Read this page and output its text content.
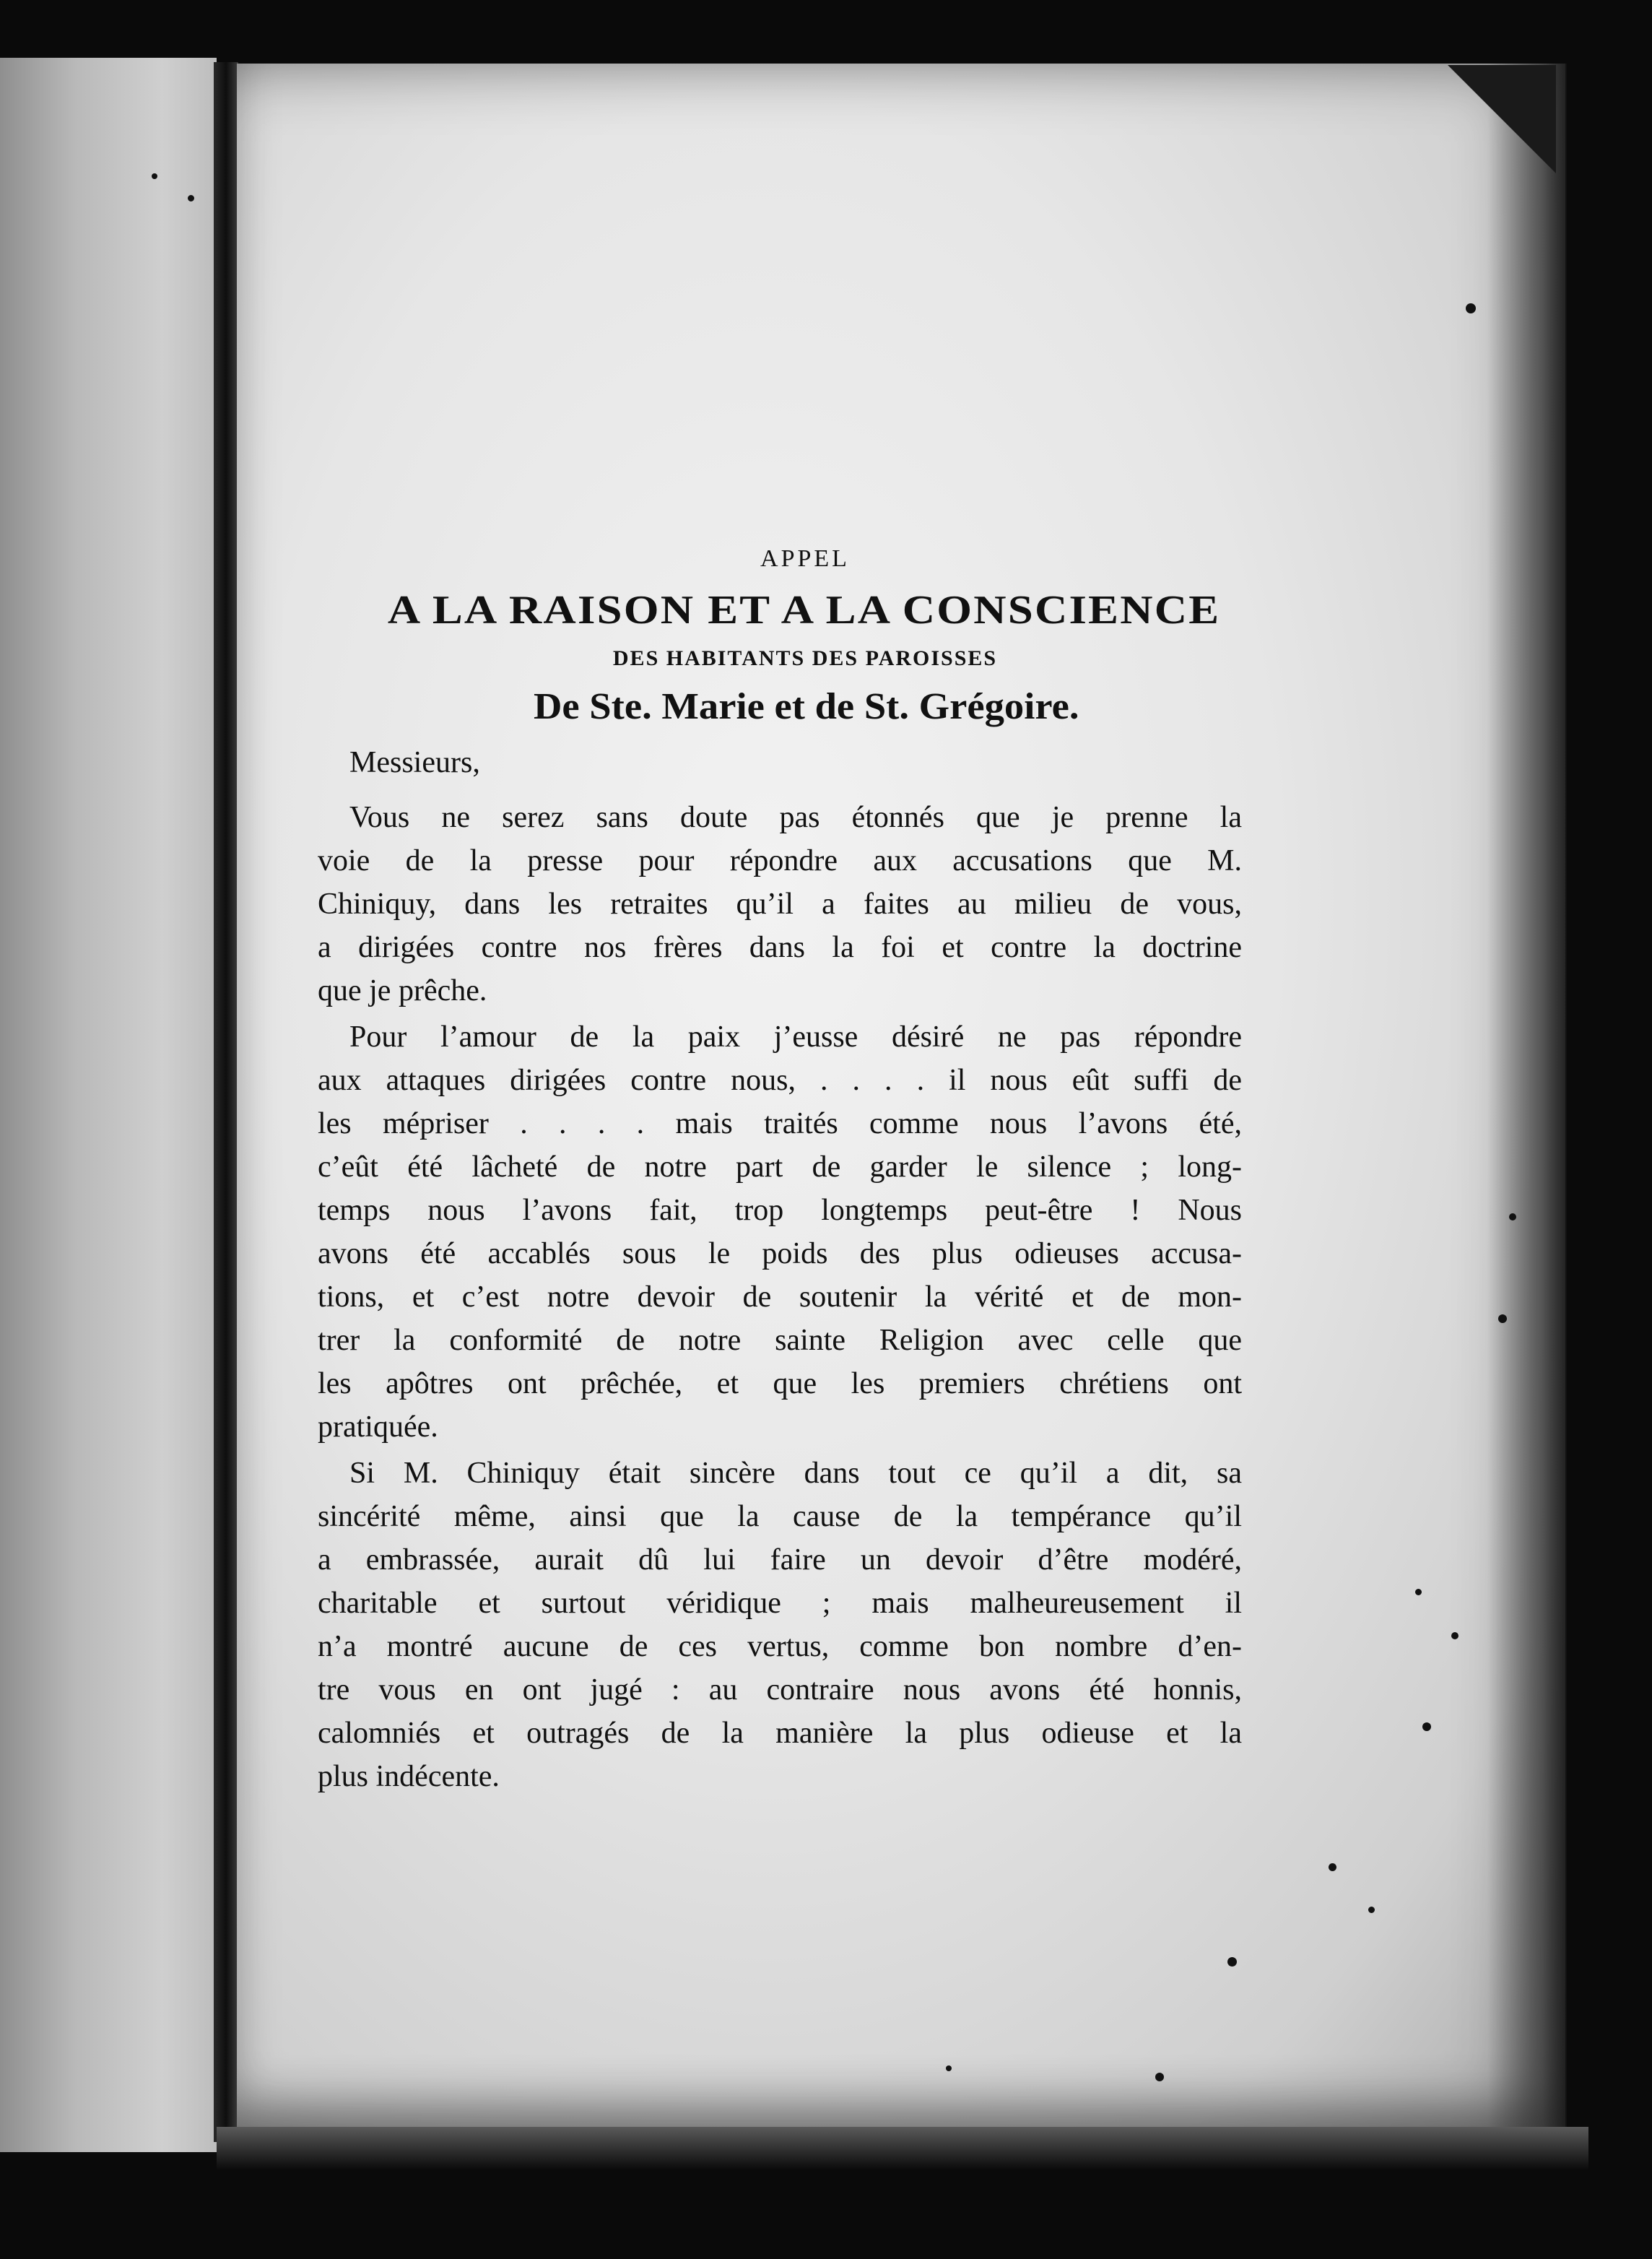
APPEL
A LA RAISON ET A LA CONSCIENCE
DES HABITANTS DES PAROISSES
De Ste. Marie et de St. Grégoire.
Messieurs,
Vous ne serez sans doute pas étonnés que je prenne la
voie de la presse pour répondre aux accusations que M.
Chiniquy, dans les retraites qu’il a faites au milieu de vous,
a dirigées contre nos frères dans la foi et contre la doctrine
que je prêche.
Pour l’amour de la paix j’eusse désiré ne pas répondre
aux attaques dirigées contre nous, . . . . il nous eût suffi de
les mépriser . . . . mais traités comme nous l’avons été,
c’eût été lâcheté de notre part de garder le silence ; long-
temps nous l’avons fait, trop longtemps peut-être ! Nous
avons été accablés sous le poids des plus odieuses accusa-
tions, et c’est notre devoir de soutenir la vérité et de mon-
trer la conformité de notre sainte Religion avec celle que
les apôtres ont prêchée, et que les premiers chrétiens ont
pratiquée.
Si M. Chiniquy était sincère dans tout ce qu’il a dit, sa
sincérité même, ainsi que la cause de la tempérance qu’il
a embrassée, aurait dû lui faire un devoir d’être modéré,
charitable et surtout véridique ; mais malheureusement il
n’a montré aucune de ces vertus, comme bon nombre d’en-
tre vous en ont jugé : au contraire nous avons été honnis,
calomniés et outragés de la manière la plus odieuse et la
plus indécente.
